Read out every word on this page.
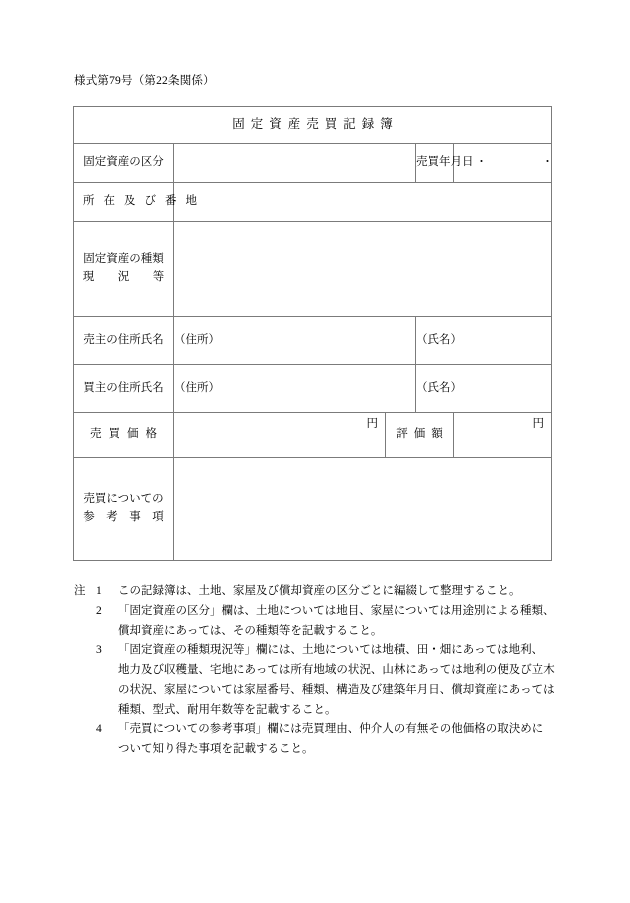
様式第79号（第22条関係）
固定資産売買記録簿				
固定資産の区分			売買年月日	・　・
所在及び番地				

固定資産の種類
現　況　等				

売主の住所氏名	（住所）		（氏名）	
買主の住所氏名	（住所）		（氏名）	
売買価格	円	評価額		円

売買についての
参　考　事　項				

注 1	この記録簿は、土地、家屋及び償却資産の区分ごとに編綴して整理すること。
2	「固定資産の区分」欄は、土地については地目、家屋については用途別による種類、
償却資産にあっては、その種類等を記載すること。
3	「固定資産の種類現況等」欄には、土地については地積、田・畑にあっては地利、
地力及び収穫量、宅地にあっては所有地域の状況、山林にあっては地利の便及び立木
の状況、家屋については家屋番号、種類、構造及び建築年月日、償却資産にあっては
種類、型式、耐用年数等を記載すること。
4	「売買についての参考事項」欄には売買理由、仲介人の有無その他価格の取決めに
ついて知り得た事項を記載すること。
